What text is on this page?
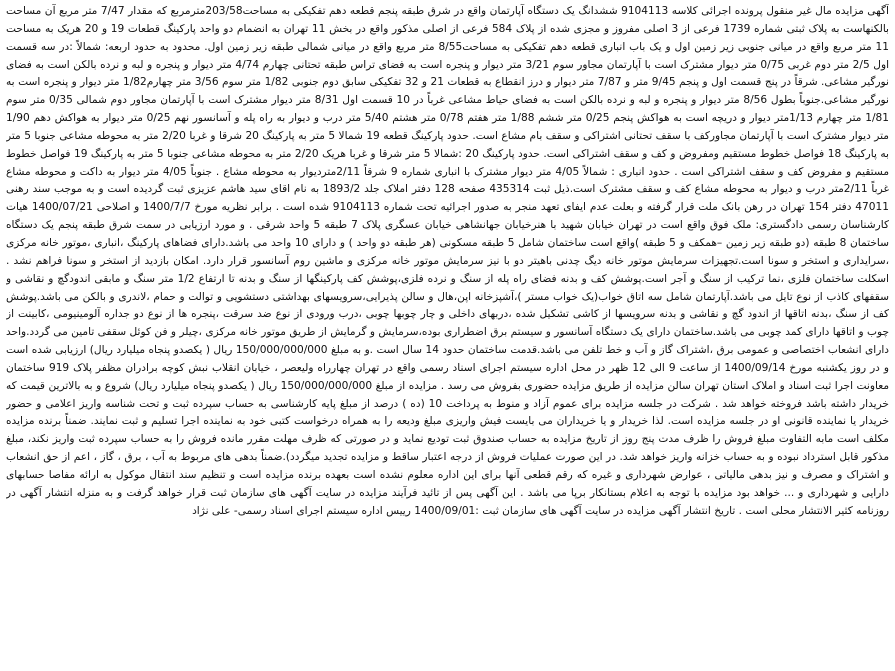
آگهی مزایده مال غیر منقول پرونده اجرائی کلاسه 9104113 ششدانگ یک دستگاه آپارتمان واقع در شرق طبقه پنجم قطعه دهم تفکیکی به مساحت203/58مترمربع که مقدار 7/47 متر مربع آن مساحت بالکنهاست به پلاک ثبتی شماره 1739 فرعی از 3 اصلی مفروز و مجزی شده از پلاک 584 فرعی از اصلی مذکور واقع در بخش 11 تهران به انضمام دو واحد پارکینگ قطعات 19 و 20 هریک به مساحت 11 متر مربع واقع در میانی جنوبی زیر زمین اول و یک باب انباری قطعه دهم تفکیکی به مساحت8/55 متر مربع واقع در میانی شمالی طبقه زیر زمین اول. محدود به حدود اربعه: شمالاً :در سه قسمت اول 2/5 متر دوم غربی 0/75 متر دیوار مشترک است با آپارتمان مجاور سوم 3/21 متر دیوار و پنجره است به فضای تراس طبقه تحتانی چهارم 4/74 متر دیوار و پنجره و لبه و نرده بالکن است به فضای نورگیر مشاعی. شرقاً در پنج قسمت اول و پنجم 9/45 متر و 7/87 متر دیوار و درز انقطاع به قطعات 21 و 32 تفکیکی سابق دوم جنوبی 1/82 متر سوم 3/56 متر چهارم1/82 متر دیوار و پنجره است به نورگیر مشاعی.جنوباً بطول 8/56 متر دیوار و پنجره و لبه و نرده بالکن است به فضای حیاط مشاعی غرباً در 10 قسمت اول 8/31 متر دیوار مشترک است با آپارتمان مجاور دوم شمالی 0/35 متر سوم 1/81 متر چهارم 1/13متر دیوار و دریچه است به هواکش پنجم 0/25 متر ششم 1/88 متر هفتم 0/78 متر هشتم 5/40 متر درب و دیوار به راه پله و آسانسور نهم 0/25 متر دیوار به هواکش دهم 1/90 متر دیوار مشترک است با آپارتمان مجاورکف با سقف تحتانی اشتراکی و سقف بام مشاع است. حدود پارکینگ قطعه 19 شمالا 5 متر به پارکینگ 20 شرقا و غربا 2/20 متر به محوطه مشاعی جنوبا 5 متر به پارکینگ 18 فواصل خطوط مستقیم ومفروض و کف و سقف اشتراکی است. حدود پارکینگ 20 :شمالا 5 متر شرقا و غربا هریک 2/20 متر به محوطه مشاعی جنوبا 5 متر به پارکینگ 19 فواصل خطوط مستقیم و مفروض کف و سقف اشتراکی است . حدود انباری : شمالاً 4/05 متر دیوار مشترک با انباری شماره 9 شرقاً 2/11متردیوار به محوطه مشاع . جنوباً 4/05 متر دیوار به داکت و محوطه مشاع غرباً 2/11متر درب و دیوار به محوطه مشاع کف و سقف مشترک است.ذیل ثبت 435314 صفحه 128 دفتر املاک جلد 1893/2 به نام اقای سید هاشم عزیزی ثبت گردیده است و به موجب سند رهنی 47011 دفتر 154 تهران در رهن بانک ملت قرار گرفته و بعلت عدم ایفای تعهد منجر به صدور اجرائیه تحت شماره 9104113 شده است . برابر نظریه مورخ 1400/7/7 و اصلاحی 1400/07/21 هیات کارشناسان رسمی دادگستری: ملک فوق واقع است در تهران خیابان شهید با هنرخیابان جهانشاهی خیابان عسگری پلاک 7 طبقه 5 واحد شرقی . و مورد ارزیابی در سمت شرق طبقه پنجم یک دستگاه ساختمان 8 طبقه (دو طبقه زیر زمین –همکف و 5 طبقه )واقع است ساختمان شامل 5 طبقه مسکونی (هر طبقه دو واحد ) و دارای 10 واحد می باشد.دارای فضاهای پارکینگ ،انباری ،موتور خانه مرکزی ،سرایداری و استخر و سونا است.تجهیزات سرمایش موتور خانه دیگ چدنی باهیتر دو با نیز سرمایش موتور خانه مرکزی و ماشین روم آسانسور قرار دارد. امکان بازدید از استخر و سونا فراهم نشد . اسکلت ساختمان فلزی ،نما ترکیب از سنگ و آجر است.پوشش کف و بدنه فضای راه پله از سنگ و نرده فلزی،پوشش کف پارکینگها از سنگ و بدنه تا ارتفاع 1/2 متر سنگ و مابقی اندودگچ و نقاشی و سقفهای کاذب از نوع تایل می باشد.آپارتمان شامل سه اتاق خواب(یک خواب مستر )،آشپزخانه اپن،هال و سالن پذیرایی،سرویسهای بهداشتی دستشویی و توالت و حمام ،لاندری و بالکن می باشد.پوشش کف از سنگ ،بدنه اتاقها از اندود گچ و نقاشی و بدنه سرویسها از کاشی تشکیل شده ،دربهای داخلی و چار چوبها چوبی ،درب ورودی از نوع ضد سرقت ،پنجره ها از نوع دو جداره آلومینیومی ،کابینت از چوب و اتاقها دارای کمد چوبی می باشد.ساختمان دارای یک دستگاه آسانسور و سیستم برق اضطراری بوده،سرمایش و گرمایش از طریق موتور خانه مرکزی ،چیلر و فن کوئل سقفی تامین می گردد.واحد دارای انشعاب اختصاصی و عمومی برق ،اشتراک گاز و آب و خط تلفن می باشد.قدمت ساختمان حدود 14 سال است .و به مبلغ 150/000/000/000 ریال ( یکصدو پنجاه میلیارد ریال) ارزیابی شده است و در روز یکشنبه مورخ 1400/09/14 از ساعت 9 الی 12 ظهر در محل اداره سیستم اجرای اسناد رسمی واقع در تهران چهارراه ولیعصر ، خیابان انقلاب نبش کوچه برادران مظفر پلاک 919 ساختمان معاونت اجرا ثبت اسناد و املاک استان تهران سالن مزایده از طریق مزایده حضوری بفروش می رسد . مزایده از مبلغ 150/000/000/000 ریال ( یکصدو پنجاه میلیارد ریال) شروع و به بالاترین قیمت که خریدار داشته باشد فروخته خواهد شد . شرکت در جلسه مزایده برای عموم آزاد و منوط به پرداخت 10 (ده ) درصد از مبلغ پایه کارشناسی به حساب سپرده ثبت و تحت شناسه واریز اعلامی و حضور خریدار یا نماینده قانونی او در جلسه مزایده است. لذا خریدار و یا خریداران می بایست فیش واریزی مبلغ ودیعه را به همراه درخواست کتبی خود به نماینده اجرا تسلیم و ثبت نمایند. ضمناً برنده مزایده مکلف است مابه التفاوت مبلغ فروش را ظرف مدت پنج روز از تاریخ مزایده به حساب صندوق ثبت تودیع نماید و در صورتی که ظرف مهلت مقرر مانده فروش را به حساب سپرده ثبت واریز نکند، مبلغ مذکور قابل استرداد نبوده و به حساب خزانه واریز خواهد شد. در این صورت عملیات فروش از درجه اعتبار ساقط و مزایده تجدید میگردد).ضمناً بدهی های مربوط به آب ، برق ، گاز ، اعم از حق انشعاب و اشتراک و مصرف و نیز بدهی مالیاتی ، عوارض شهرداری و غیره که رقم قطعی آنها برای این اداره معلوم نشده است بعهده برنده مزایده است و تنظیم سند انتقال موکول به ارائه مفاصا حسابهای دارایی و شهرداری و ... خواهد بود مزایده با توجه به اعلام بستانکار برپا می باشد . این آگهی پس از تائید فرآیند مزایده در سایت آگهی های سازمان ثبت قرار خواهد گرفت و به منزله انتشار آگهی در روزنامه کثیر الانتشار محلی است . تاریخ انتشار آگهی مزایده در سایت آگهی های سازمان ثبت :1400/09/01 رییس اداره سیستم اجرای اسناد رسمی- علی نژاد
